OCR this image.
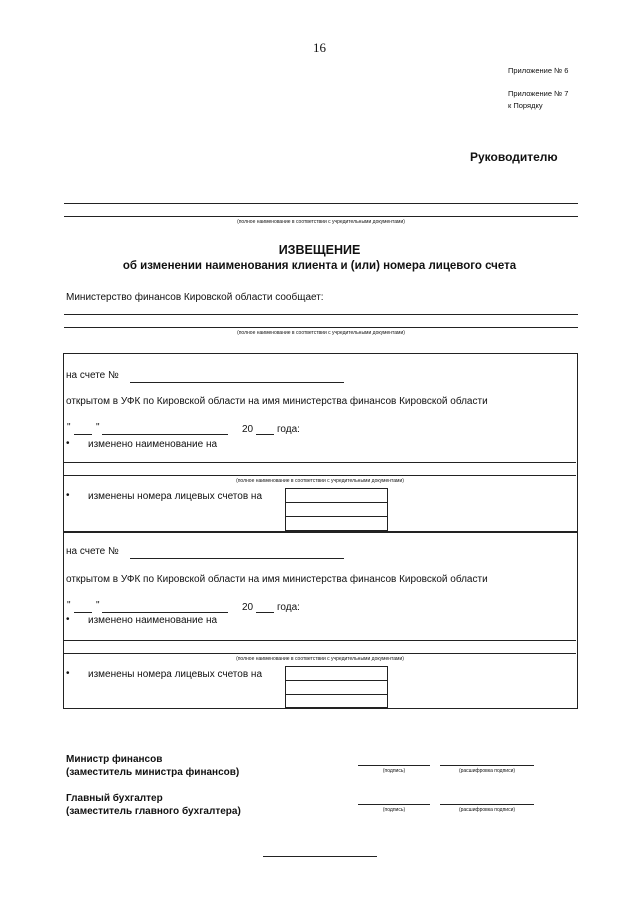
16
Приложение № 6
Приложение № 7
к Порядку
Руководителю
(полное наименование в соответствии с учредительными документами)
ИЗВЕЩЕНИЕ
об изменении наименования клиента и (или) номера лицевого счета
Министерство финансов Кировской области сообщает:
(полное наименование в соответствии с учредительными документами)
на счете №
открытом в УФК по Кировской области на имя министерства финансов Кировской области
"	"	20 года:
• изменено наименование на
(полное наименование в соответствии с учредительными документами)
• изменены номера лицевых счетов на
на счете №
открытом в УФК по Кировской области на имя министерства финансов Кировской области
"	"	20 года:
• изменено наименование на
(полное наименование в соответствии с учредительными документами)
• изменены номера лицевых счетов на
Министр финансов
(заместитель министра финансов)	(подпись)	(расшифровка подписи)
Главный бухгалтер
(заместитель главного бухгалтера)	(подпись)	(расшифровка подписи)
